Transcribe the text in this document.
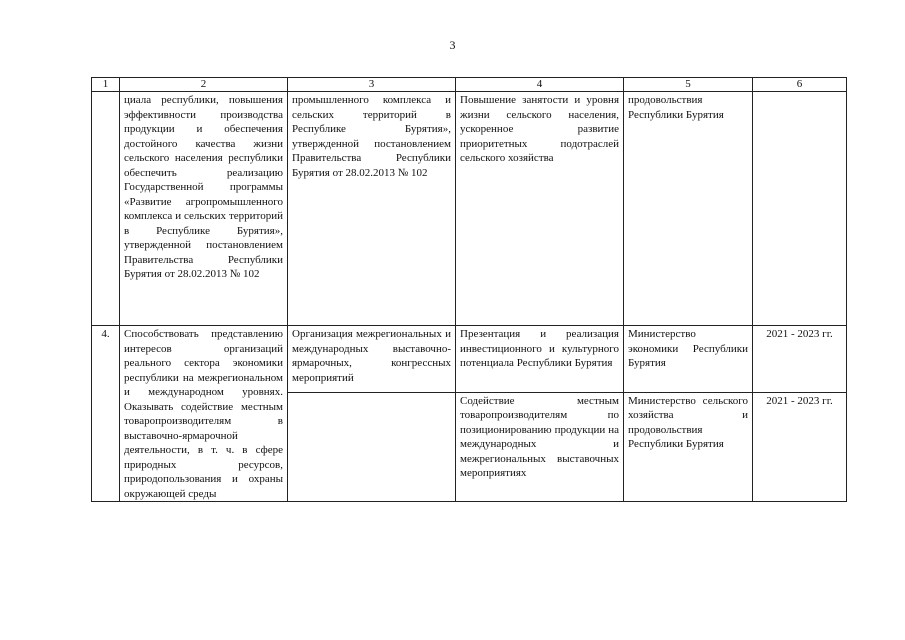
3
1	2	3	4	5	6
	циала республики, повышения эффективности производства продукции и обеспечения достойного качества жизни сельского населения республики обеспечить реализацию Государственной программы «Развитие агропромышленного комплекса и сельских территорий в Республике Бурятия», утвержденной постановлением Правительства Республики Бурятия от 28.02.2013 № 102	промышленного комплекса и сельских территорий в Республике Бурятия», утвержденной постановлением Правительства Республики Бурятия от 28.02.2013 № 102	Повышение занятости и уровня жизни сельского населения, ускоренное развитие приоритетных подотраслей сельского хозяйства	продовольствия Республики Бурятия	
4.	Способствовать представлению интересов организаций реального сектора экономики республики на межрегиональном и международном уровнях. Оказывать содействие местным товаропроизводителям в выставочно-ярмарочной деятельности, в т. ч. в сфере природных ресурсов, природопользования и охраны окружающей среды	Организация межрегиональных и международных выставочно-ярмарочных, конгрессных мероприятий	Презентация и реализация инвестиционного и культурного потенциала Республики Бурятия	Министерство экономики Республики Бурятия	2021 - 2023 гг.
			Содействие местным товаропроизводителям по позиционированию продукции на международных и межрегиональных выставочных мероприятиях	Министерство сельского хозяйства и продовольствия Республики Бурятия	2021 - 2023 гг.
